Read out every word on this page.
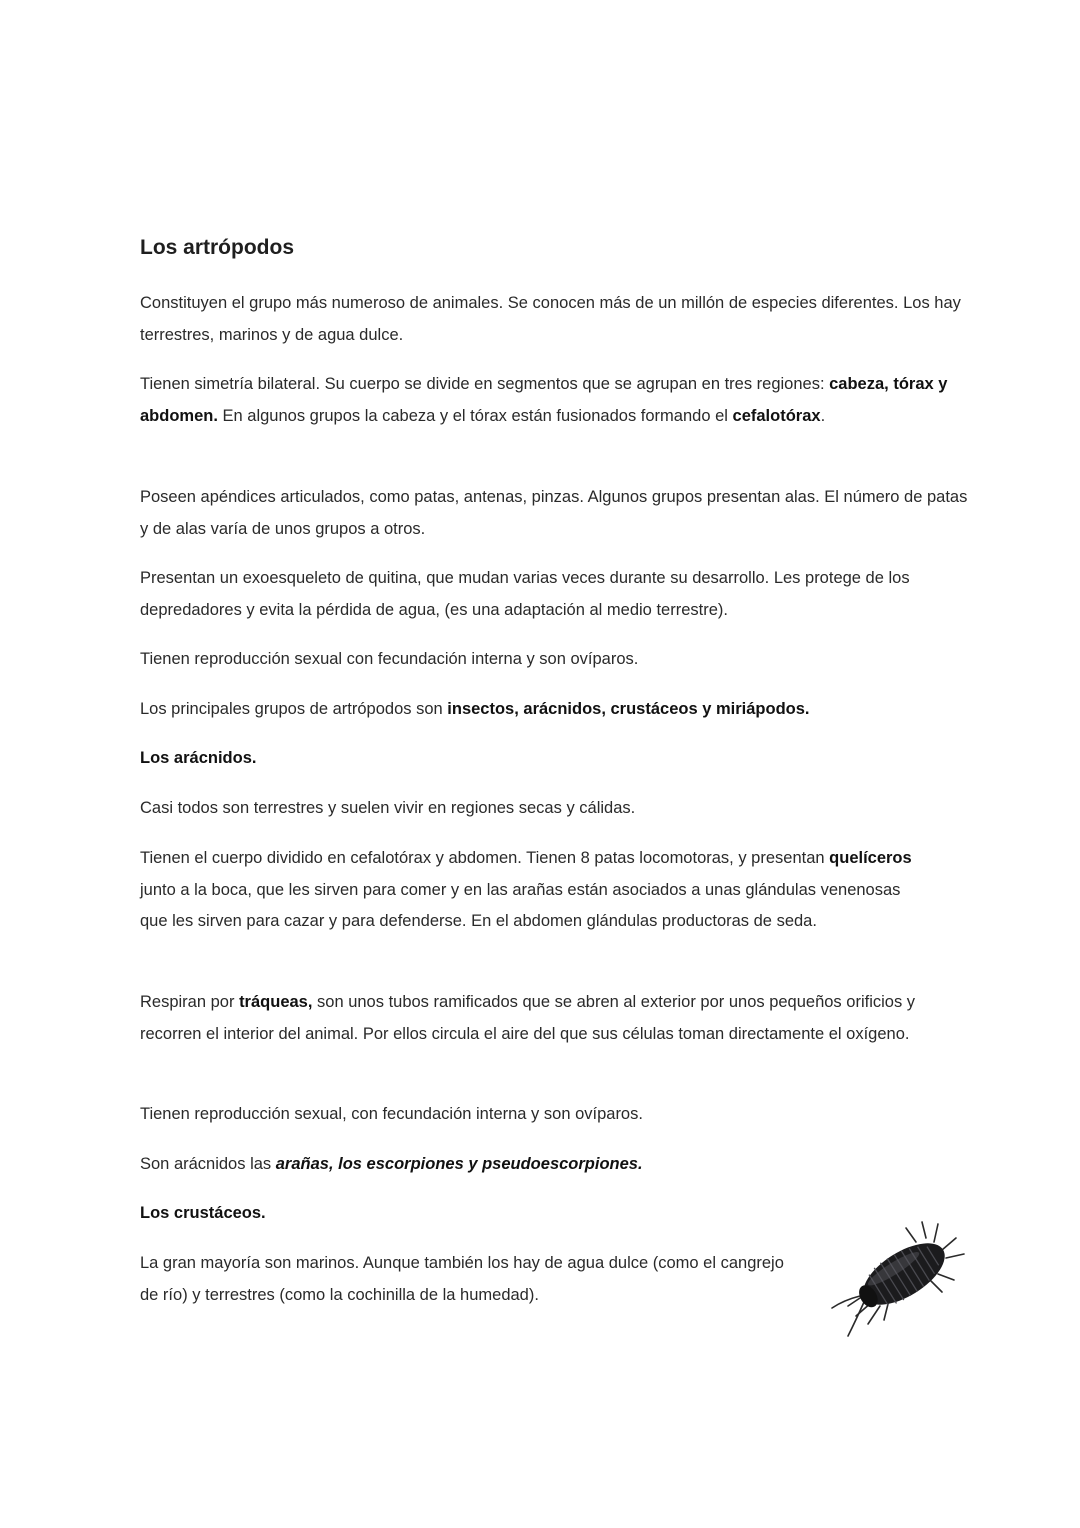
Los artrópodos

Constituyen el grupo más numeroso de animales. Se conocen más de un millón de especies diferentes. Los hay terrestres, marinos y de agua dulce.

Tienen simetría bilateral. Su cuerpo se divide en segmentos que se agrupan en tres regiones: cabeza, tórax y abdomen. En algunos grupos la cabeza y el tórax están fusionados formando el cefalotórax.

Poseen apéndices articulados, como patas, antenas, pinzas. Algunos grupos presentan alas. El número de patas y de alas varía de unos grupos a otros.

Presentan un exoesqueleto de quitina, que mudan varias veces durante su desarrollo. Les protege de los depredadores y evita la pérdida de agua, (es una adaptación al medio terrestre).

Tienen reproducción sexual con fecundación interna y son ovíparos.

Los principales grupos de artrópodos son insectos, arácnidos, crustáceos y miriápodos.

Los arácnidos.

Casi todos son terrestres y suelen vivir en regiones secas y cálidas.

Tienen el cuerpo dividido en cefalotórax y abdomen. Tienen 8 patas locomotoras, y presentan quelíceros junto a la boca, que les sirven para comer y en las arañas están asociados a unas glándulas venenosas que les sirven para cazar y para defenderse. En el abdomen glándulas productoras de seda.

Respiran por tráqueas, son unos tubos ramificados que se abren al exterior por unos pequeños orificios y recorren el interior del animal. Por ellos circula el aire del que sus células toman directamente el oxígeno.

Tienen reproducción sexual, con fecundación interna y son ovíparos.

Son arácnidos las arañas, los escorpiones y pseudoescorpiones.

Los crustáceos.

La gran mayoría son marinos. Aunque también los hay de agua dulce (como el cangrejo de río) y terrestres (como la cochinilla de la humedad).
